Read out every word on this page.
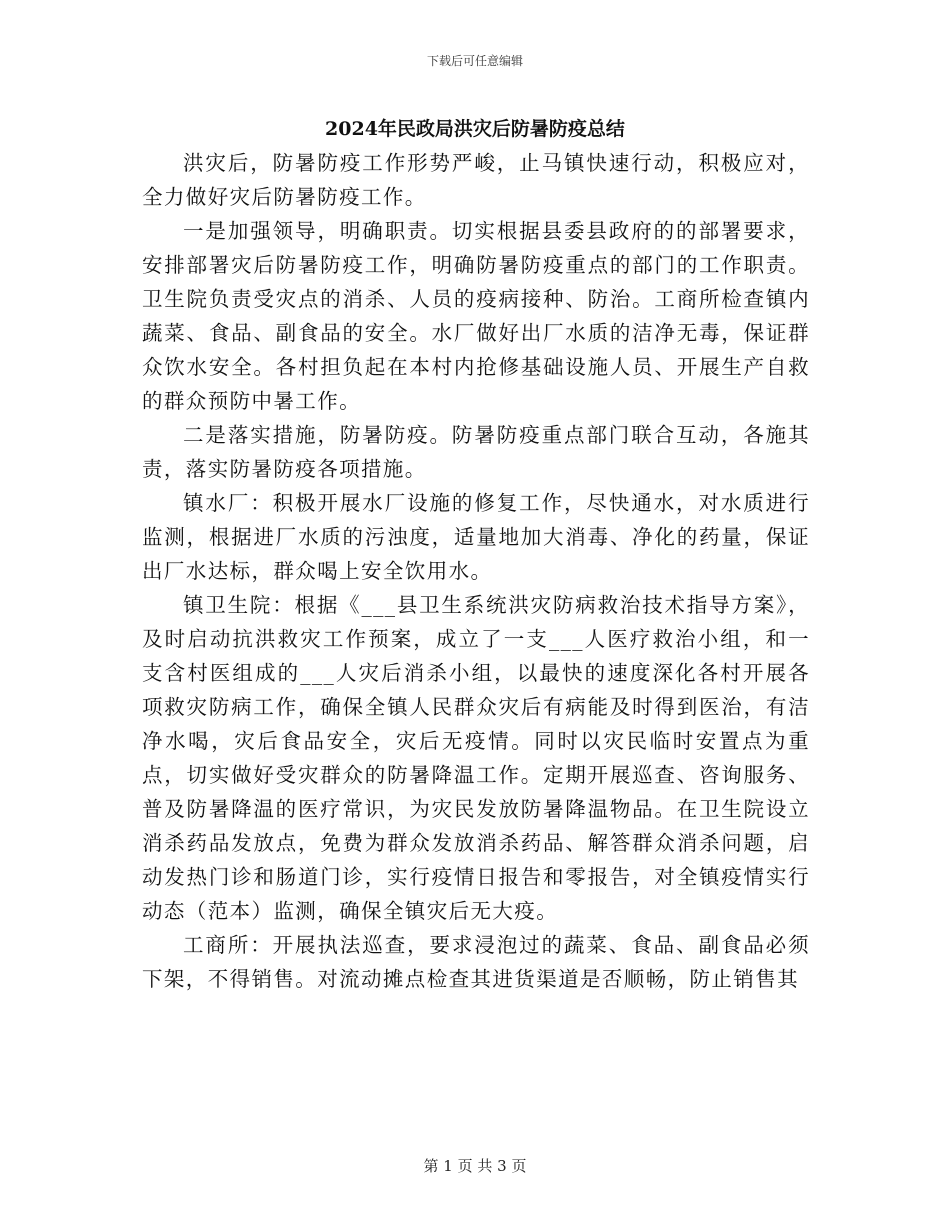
下载后可任意编辑
2024年民政局洪灾后防暑防疫总结

洪灾后，防暑防疫工作形势严峻，止马镇快速行动，积极应对，全力做好灾后防暑防疫工作。

一是加强领导，明确职责。切实根据县委县政府的的部署要求，安排部署灾后防暑防疫工作，明确防暑防疫重点的部门的工作职责。卫生院负责受灾点的消杀、人员的疫病接种、防治。工商所检查镇内蔬菜、食品、副食品的安全。水厂做好出厂水质的洁净无毒，保证群众饮水安全。各村担负起在本村内抢修基础设施人员、开展生产自救的群众预防中暑工作。

二是落实措施，防暑防疫。防暑防疫重点部门联合互动，各施其责，落实防暑防疫各项措施。

镇水厂：积极开展水厂设施的修复工作，尽快通水，对水质进行监测，根据进厂水质的污浊度，适量地加大消毒、净化的药量，保证出厂水达标，群众喝上安全饮用水。

镇卫生院：根据《___县卫生系统洪灾防病救治技术指导方案》，及时启动抗洪救灾工作预案，成立了一支___人医疗救治小组，和一支含村医组成的___人灾后消杀小组，以最快的速度深化各村开展各项救灾防病工作，确保全镇人民群众灾后有病能及时得到医治，有洁净水喝，灾后食品安全，灾后无疫情。同时以灾民临时安置点为重点，切实做好受灾群众的防暑降温工作。定期开展巡查、咨询服务、普及防暑降温的医疗常识，为灾民发放防暑降温物品。在卫生院设立消杀药品发放点，免费为群众发放消杀药品、解答群众消杀问题，启动发热门诊和肠道门诊，实行疫情日报告和零报告，对全镇疫情实行动态（范本）监测，确保全镇灾后无大疫。

工商所：开展执法巡查，要求浸泡过的蔬菜、食品、副食品必须下架，不得销售。对流动摊点检查其进货渠道是否顺畅，防止销售其

第 1 页 共 3 页
